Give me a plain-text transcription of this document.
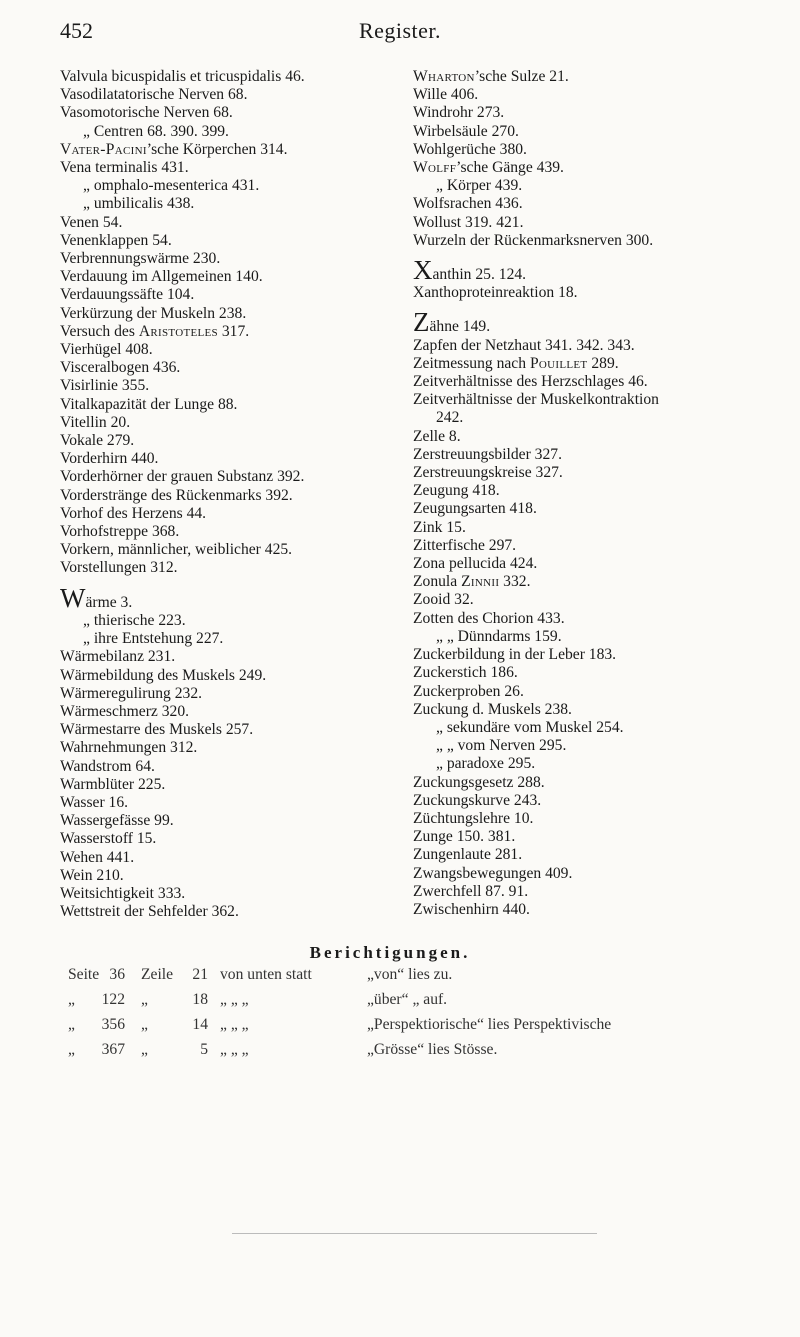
452	Register.
Valvula bicuspidalis et tricuspidalis 46.
Vasodilatatorische Nerven 68.
Vasomotorische Nerven 68.
„ Centren 68. 390. 399.
Vater-Pacini’sche Körperchen 314.
Vena terminalis 431.
„ omphalo-mesenterica 431.
„ umbilicalis 438.
Venen 54.
Venenklappen 54.
Verbrennungswärme 230.
Verdauung im Allgemeinen 140.
Verdauungssäfte 104.
Verkürzung der Muskeln 238.
Versuch des Aristoteles 317.
Vierhügel 408.
Visceralbogen 436.
Visirlinie 355.
Vitalkapazität der Lunge 88.
Vitellin 20.
Vokale 279.
Vorderhirn 440.
Vorderhörner der grauen Substanz 392.
Vorderstränge des Rückenmarks 392.
Vorhof des Herzens 44.
Vorhofstreppe 368.
Vorkern, männlicher, weiblicher 425.
Vorstellungen 312.
Wärme 3.
„ thierische 223.
„ ihre Entstehung 227.
Wärmebilanz 231.
Wärmebildung des Muskels 249.
Wärmeregulirung 232.
Wärmeschmerz 320.
Wärmestarre des Muskels 257.
Wahrnehmungen 312.
Wandstrom 64.
Warmblüter 225.
Wasser 16.
Wassergefässe 99.
Wasserstoff 15.
Wehen 441.
Wein 210.
Weitsichtigkeit 333.
Wettstreit der Sehfelder 362.
Wharton’sche Sulze 21.
Wille 406.
Windrohr 273.
Wirbelsäule 270.
Wohlgerüche 380.
Wolff’sche Gänge 439.
„ Körper 439.
Wolfsrachen 436.
Wollust 319. 421.
Wurzeln der Rückenmarksnerven 300.
Xanthin 25. 124.
Xanthoproteinreaktion 18.
Zähne 149.
Zapfen der Netzhaut 341. 342. 343.
Zeitmessung nach Pouillet 289.
Zeitverhältnisse des Herzschlages 46.
Zeitverhältnisse der Muskelkontraktion
242.
Zelle 8.
Zerstreuungsbilder 327.
Zerstreuungskreise 327.
Zeugung 418.
Zeugungsarten 418.
Zink 15.
Zitterfische 297.
Zona pellucida 424.
Zonula Zinnii 332.
Zooid 32.
Zotten des Chorion 433.
„ „ Dünndarms 159.
Zuckerbildung in der Leber 183.
Zuckerstich 186.
Zuckerproben 26.
Zuckung d. Muskels 238.
„ sekundäre vom Muskel 254.
„ „ vom Nerven 295.
„ paradoxe 295.
Zuckungsgesetz 288.
Zuckungskurve 243.
Züchtungslehre 10.
Zunge 150. 381.
Zungenlaute 281.
Zwangsbewegungen 409.
Zwerchfell 87. 91.
Zwischenhirn 440.
Berichtigungen.
Seite 36 Zeile 21 von unten statt	„von“ lies zu.
„ 122 „	18 „ „ „	„über“ „ auf.
„ 356 „	14 „ „ „	„Perspektiorische“ lies Perspektivische
„ 367 „	5 „ „ „	„Grösse“ lies Stösse.
